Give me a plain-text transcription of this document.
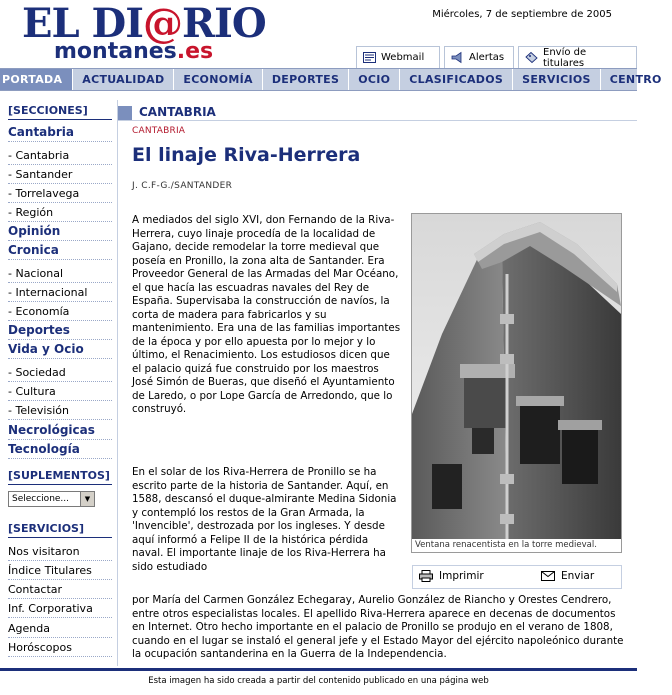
EL DI@RIO
montanes.es
Miércoles, 7 de septiembre de 2005
Webmail	Alertas	Envío de titulares
PORTADA	ACTUALIDAD	ECONOMÍA	DEPORTES	OCIO	CLASIFICADOS	SERVICIOS	CENTRO
[SECCIONES]
Cantabria
- Cantabria
- Santander
- Torrelavega
- Región
Opinión
Cronica
- Nacional
- Internacional
- Economía
Deportes
Vida y Ocio
- Sociedad
- Cultura
- Televisión
Necrológicas
Tecnología
[SUPLEMENTOS]
Seleccione...	▼
[SERVICIOS]
Nos visitaron
Índice Titulares
Contactar
Inf. Corporativa
Agenda
Horóscopos
CANTABRIA
CANTABRIA
El linaje Riva-Herrera
J. C.F-G./SANTANDER
A mediados del siglo XVI, don Fernando de la Riva-Herrera, cuyo linaje procedía de la localidad de Gajano, decide remodelar la torre medieval que poseía en Pronillo, la zona alta de Santander. Era Proveedor General de las Armadas del Mar Océano, el que hacía las escuadras navales del Rey de España. Supervisaba la construcción de navíos, la corta de madera para fabricarlos y su mantenimiento. Era una de las familias importantes de la época y por ello apuesta por lo mejor y lo último, el Renacimiento. Los estudiosos dicen que el palacio quizá fue construido por los maestros José Simón de Bueras, que diseñó el Ayuntamiento de Laredo, o por Lope García de Arredondo, que lo construyó.
En el solar de los Riva-Herrera de Pronillo se ha escrito parte de la historia de Santander. Aquí, en 1588, descansó el duque-almirante Medina Sidonia y contempló los restos de la Gran Armada, la 'Invencible', destrozada por los ingleses. Y desde aquí informó a Felipe II de la histórica pérdida naval. El importante linaje de los Riva-Herrera ha sido estudiado
por María del Carmen González Echegaray, Aurelio González de Riancho y Orestes Cendrero, entre otros especialistas locales. El apellido Riva-Herrera aparece en decenas de documentos en Internet. Otro hecho importante en el palacio de Pronillo se produjo en el verano de 1808, cuando en el lugar se instaló el general jefe y el Estado Mayor del ejército napoleónico durante la ocupación santanderina en la Guerra de la Independencia.
Ventana renacentista en la torre medieval.
Imprimir	Enviar
Esta imagen ha sido creada a partir del contenido publicado en una página web
